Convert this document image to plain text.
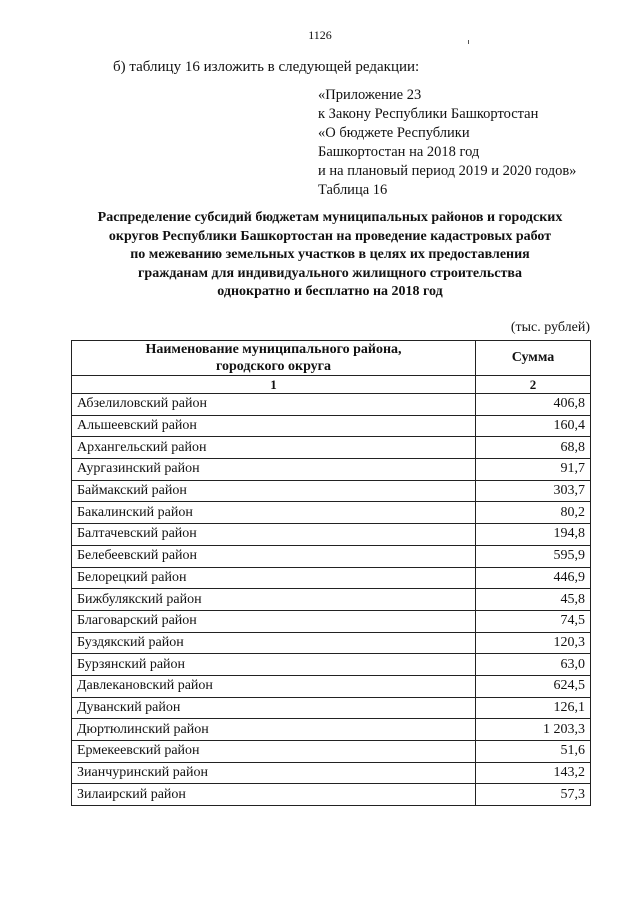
1126
б) таблицу 16 изложить в следующей редакции:
«Приложение 23
к Закону Республики Башкортостан
«О бюджете Республики
Башкортостан на 2018 год
и на плановый период 2019 и 2020 годов»
Таблица 16
Распределение субсидий бюджетам муниципальных районов и городских
округов Республики Башкортостан на проведение кадастровых работ
по межеванию земельных участков в целях их предоставления
гражданам для индивидуального жилищного строительства
однократно и бесплатно на 2018 год
(тыс. рублей)
Наименование муниципального района,
городского округа	Сумма
1	2
Абзелиловский район	406,8
Альшеевский район	160,4
Архангельский район	68,8
Аургазинский район	91,7
Баймакский район	303,7
Бакалинский район	80,2
Балтачевский район	194,8
Белебеевский район	595,9
Белорецкий район	446,9
Бижбулякский район	45,8
Благоварский район	74,5
Буздякский район	120,3
Бурзянский район	63,0
Давлекановский район	624,5
Дуванский район	126,1
Дюртюлинский район	1 203,3
Ермекеевский район	51,6
Зианчуринский район	143,2
Зилаирский район	57,3
